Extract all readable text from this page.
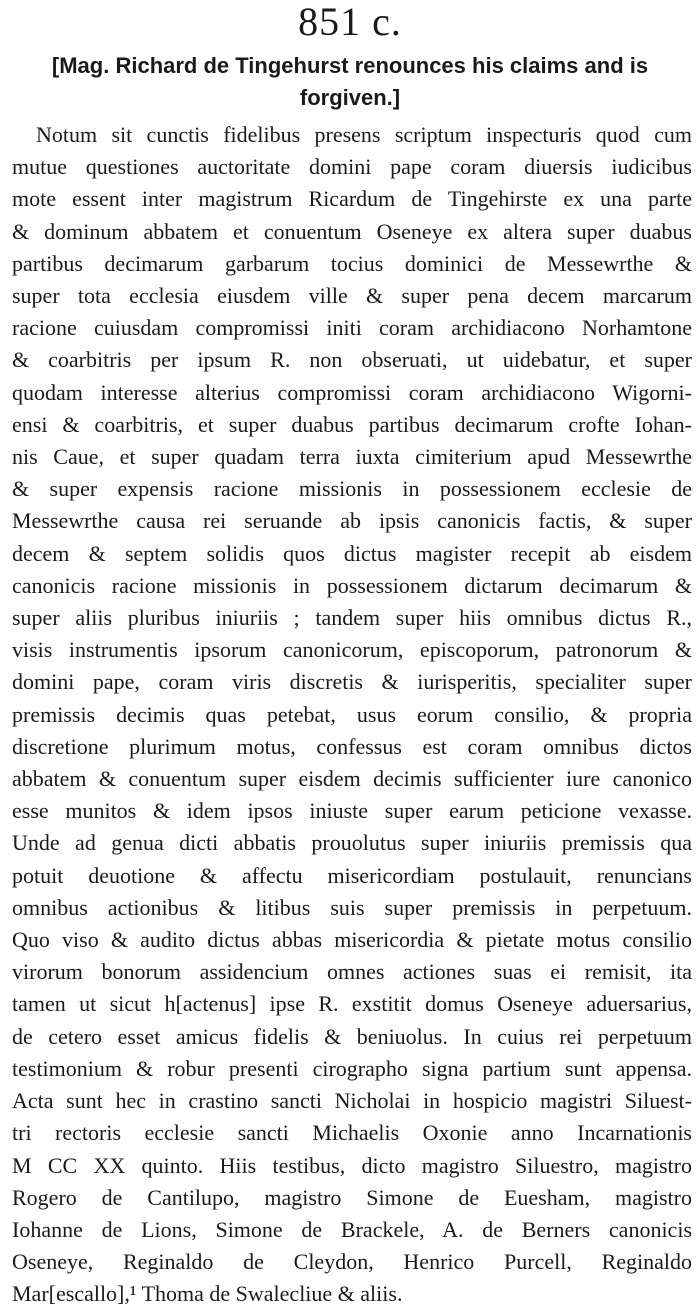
851 c.
[Mag. Richard de Tingehurst renounces his claims and is
forgiven.]
Notum sit cunctis fidelibus presens scriptum inspecturis quod cum
mutue questiones auctoritate domini pape coram diuersis iudicibus
mote essent inter magistrum Ricardum de Tingehirste ex una parte
& dominum abbatem et conuentum Oseneye ex altera super duabus
partibus decimarum garbarum tocius dominici de Messewrthe &
super tota ecclesia eiusdem ville & super pena decem marcarum
racione cuiusdam compromissi initi coram archidiacono Norhamtone
& coarbitris per ipsum R. non obseruati, ut uidebatur, et super
quodam interesse alterius compromissi coram archidiacono Wigorni-
ensi & coarbitris, et super duabus partibus decimarum crofte Iohan-
nis Caue, et super quadam terra iuxta cimiterium apud Messewrthe
& super expensis racione missionis in possessionem ecclesie de
Messewrthe causa rei seruande ab ipsis canonicis factis, & super
decem & septem solidis quos dictus magister recepit ab eisdem
canonicis racione missionis in possessionem dictarum decimarum &
super aliis pluribus iniuriis ; tandem super hiis omnibus dictus R.,
visis instrumentis ipsorum canonicorum, episcoporum, patronorum &
domini pape, coram viris discretis & iurisperitis, specialiter super
premissis decimis quas petebat, usus eorum consilio, & propria
discretione plurimum motus, confessus est coram omnibus dictos
abbatem & conuentum super eisdem decimis sufficienter iure canonico
esse munitos & idem ipsos iniuste super earum peticione vexasse.
Unde ad genua dicti abbatis prouolutus super iniuriis premissis qua
potuit deuotione & affectu misericordiam postulauit, renuncians
omnibus actionibus & litibus suis super premissis in perpetuum.
Quo viso & audito dictus abbas misericordia & pietate motus consilio
virorum bonorum assidencium omnes actiones suas ei remisit, ita
tamen ut sicut h[actenus] ipse R. exstitit domus Oseneye aduersarius,
de cetero esset amicus fidelis & beniuolus. In cuius rei perpetuum
testimonium & robur presenti cirographo signa partium sunt appensa.
Acta sunt hec in crastino sancti Nicholai in hospicio magistri Siluest-
tri rectoris ecclesie sancti Michaelis Oxonie anno Incarnationis
M CC XX quinto. Hiis testibus, dicto magistro Siluestro, magistro
Rogero de Cantilupo, magistro Simone de Euesham, magistro
Iohanne de Lions, Simone de Brackele, A. de Berners canonicis
Oseneye, Reginaldo de Cleydon, Henrico Purcell, Reginaldo
Mar[escallo],¹ Thoma de Swalecliue & aliis.
